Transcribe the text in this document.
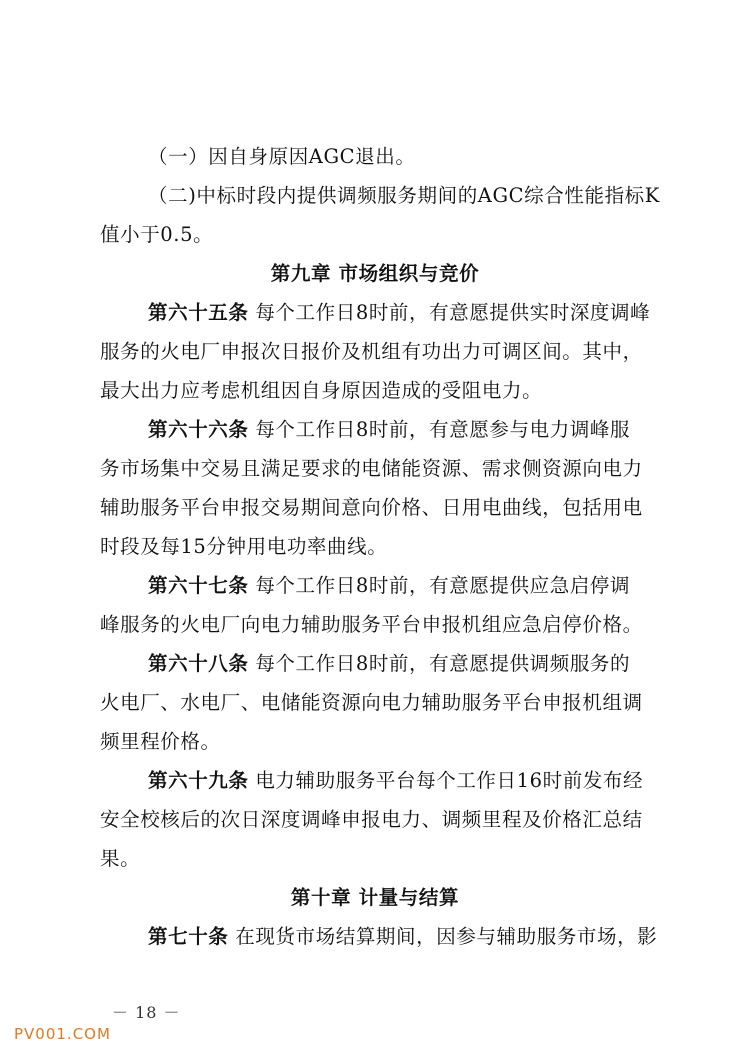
（一）因自身原因AGC退出。
（二)中标时段内提供调频服务期间的AGC综合性能指标K
值小于0.5。
第九章 市场组织与竞价
第六十五条 每个工作日8时前，有意愿提供实时深度调峰
服务的火电厂申报次日报价及机组有功出力可调区间。其中，
最大出力应考虑机组因自身原因造成的受阻电力。
第六十六条 每个工作日8时前，有意愿参与电力调峰服
务市场集中交易且满足要求的电储能资源、需求侧资源向电力
辅助服务平台申报交易期间意向价格、日用电曲线，包括用电
时段及每15分钟用电功率曲线。
第六十七条 每个工作日8时前，有意愿提供应急启停调
峰服务的火电厂向电力辅助服务平台申报机组应急启停价格。
第六十八条 每个工作日8时前，有意愿提供调频服务的
火电厂、水电厂、电储能资源向电力辅助服务平台申报机组调
频里程价格。
第六十九条 电力辅助服务平台每个工作日16时前发布经
安全校核后的次日深度调峰申报电力、调频里程及价格汇总结
果。
第十章 计量与结算
第七十条 在现货市场结算期间，因参与辅助服务市场，影
－ 18 －
PV001.COM
